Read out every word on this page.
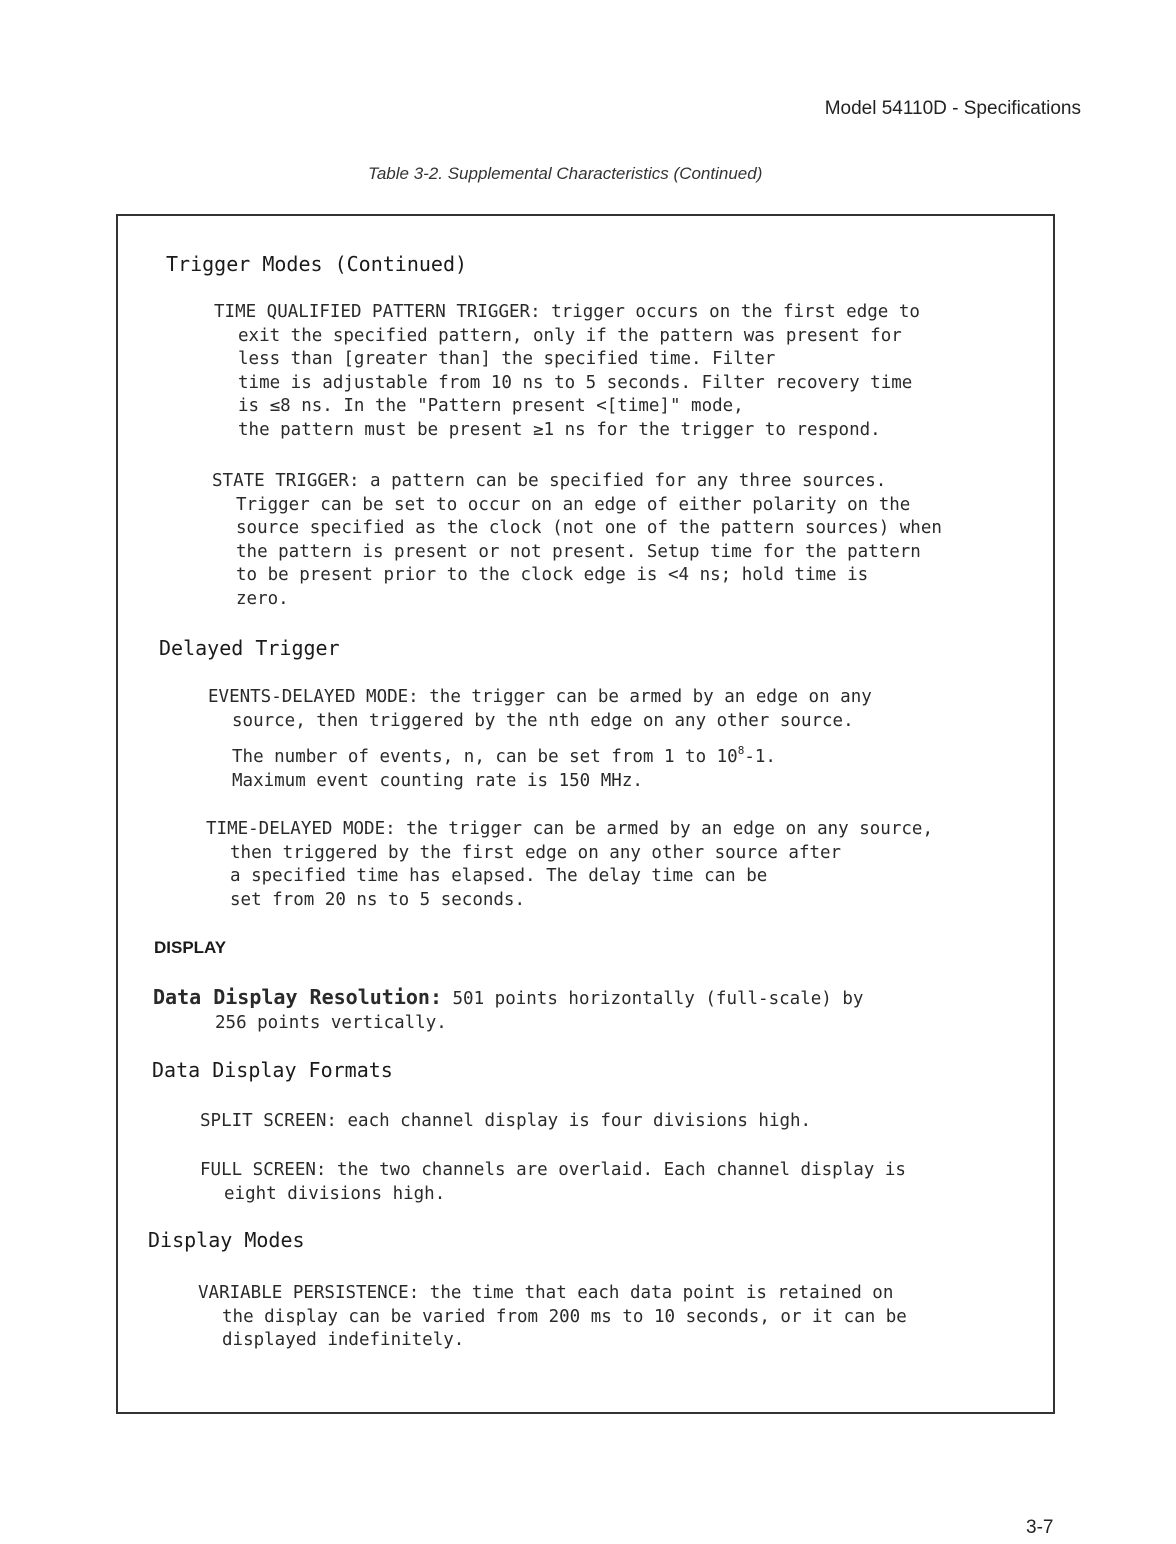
Model 54110D - Specifications
Table 3-2. Supplemental Characteristics (Continued)
Trigger Modes (Continued)
TIME QUALIFIED PATTERN TRIGGER: trigger occurs on the first edge to
exit the specified pattern, only if the pattern was present for
less than [greater than] the specified time. Filter
time is adjustable from 10 ns to 5 seconds. Filter recovery time
is ≤8 ns. In the "Pattern present <[time]" mode,
the pattern must be present ≥1 ns for the trigger to respond.
STATE TRIGGER: a pattern can be specified for any three sources.
Trigger can be set to occur on an edge of either polarity on the
source specified as the clock (not one of the pattern sources) when
the pattern is present or not present. Setup time for the pattern
to be present prior to the clock edge is <4 ns; hold time is
zero.
Delayed Trigger
EVENTS-DELAYED MODE: the trigger can be armed by an edge on any
source, then triggered by the nth edge on any other source.
The number of events, n, can be set from 1 to $10^8-1$.
Maximum event counting rate is 150 MHz.
TIME-DELAYED MODE: the trigger can be armed by an edge on any source,
then triggered by the first edge on any other source after
a specified time has elapsed. The delay time can be
set from 20 ns to 5 seconds.
DISPLAY
Data Display Resolution: 501 points horizontally (full-scale) by
256 points vertically.
Data Display Formats
SPLIT SCREEN: each channel display is four divisions high.
FULL SCREEN: the two channels are overlaid. Each channel display is
eight divisions high.
Display Modes
VARIABLE PERSISTENCE: the time that each data point is retained on
the display can be varied from 200 ms to 10 seconds, or it can be
displayed indefinitely.
3-7
